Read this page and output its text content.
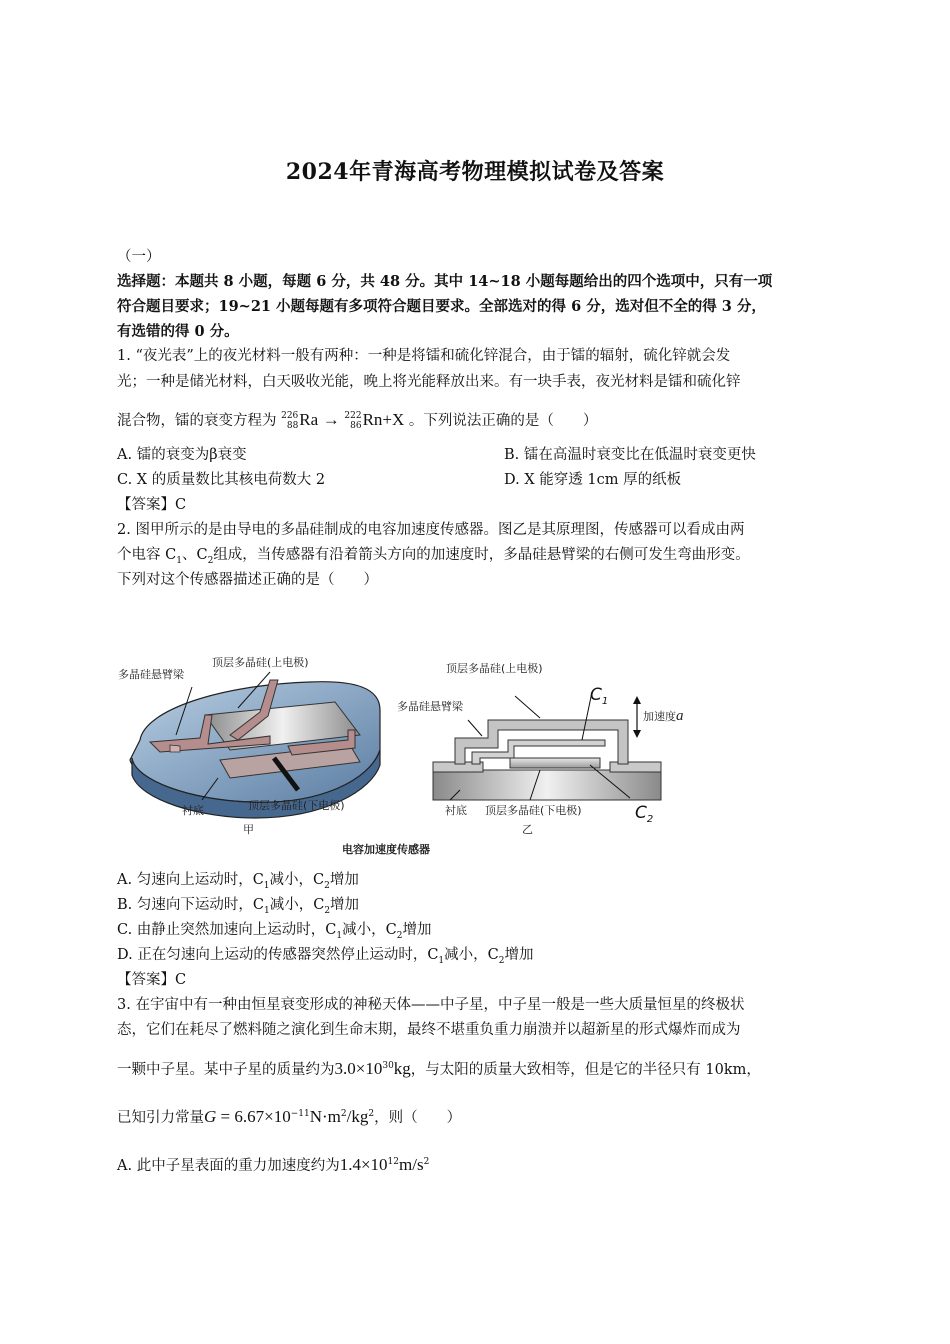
2024年青海高考物理模拟试卷及答案
（一）
选择题：本题共 8 小题，每题 6 分，共 48 分。其中 14~18 小题每题给出的四个选项中，只有一项
符合题目要求；19~21 小题每题有多项符合题目要求。全部选对的得 6 分，选对但不全的得 3 分，
有选错的得 0 分。
1. “夜光表”上的夜光材料一般有两种：一种是将镭和硫化锌混合，由于镭的辐射，硫化锌就会发
光；一种是储光材料，白天吸收光能，晚上将光能释放出来。有一块手表，夜光材料是镭和硫化锌
混合物，镭的衰变方程为 226
88 Ra → 222
86 Rn+X 。下列说法正确的是（　　）
A. 镭的衰变为β衰变	B. 镭在高温时衰变比在低温时衰变更快
C. X 的质量数比其核电荷数大 2	D. X 能穿透 1cm 厚的纸板
【答案】C
2. 图甲所示的是由导电的多晶硅制成的电容加速度传感器。图乙是其原理图，传感器可以看成由两
个电容 $C_1$、$C_2$组成，当传感器有沿着箭头方向的加速度时，多晶硅悬臂梁的右侧可发生弯曲形变。
下列对这个传感器描述正确的是（　　）
多晶硅悬臂梁
顶层多晶硅(上电极)
衬底	顶层多晶硅(下电极)
甲
顶层多晶硅(上电极)
多晶硅悬臂梁
$C_1$
加速度a
衬底 顶层多晶硅(下电极)	$C_2$
乙
电容加速度传感器
A. 匀速向上运动时，$C_1$减小，$C_2$增加
B. 匀速向下运动时，$C_1$减小，$C_2$增加
C. 由静止突然加速向上运动时，$C_1$减小，$C_2$增加
D. 正在匀速向上运动的传感器突然停止运动时，$C_1$减小，$C_2$增加
【答案】C
3. 在宇宙中有一种由恒星衰变形成的神秘天体——中子星，中子星一般是一些大质量恒星的终极状
态，它们在耗尽了燃料随之演化到生命末期，最终不堪重负重力崩溃并以超新星的形式爆炸而成为
一颗中子星。某中子星的质量约为$3.0\times 10^{30}kg$，与太阳的质量大致相等，但是它的半径只有 10km，
已知引力常量$G = 6.67\times 10^{-11}N\cdot m^2/kg^2$，则（　　）
A. 此中子星表面的重力加速度约为$1.4\times 10^{12}m/s^2$
